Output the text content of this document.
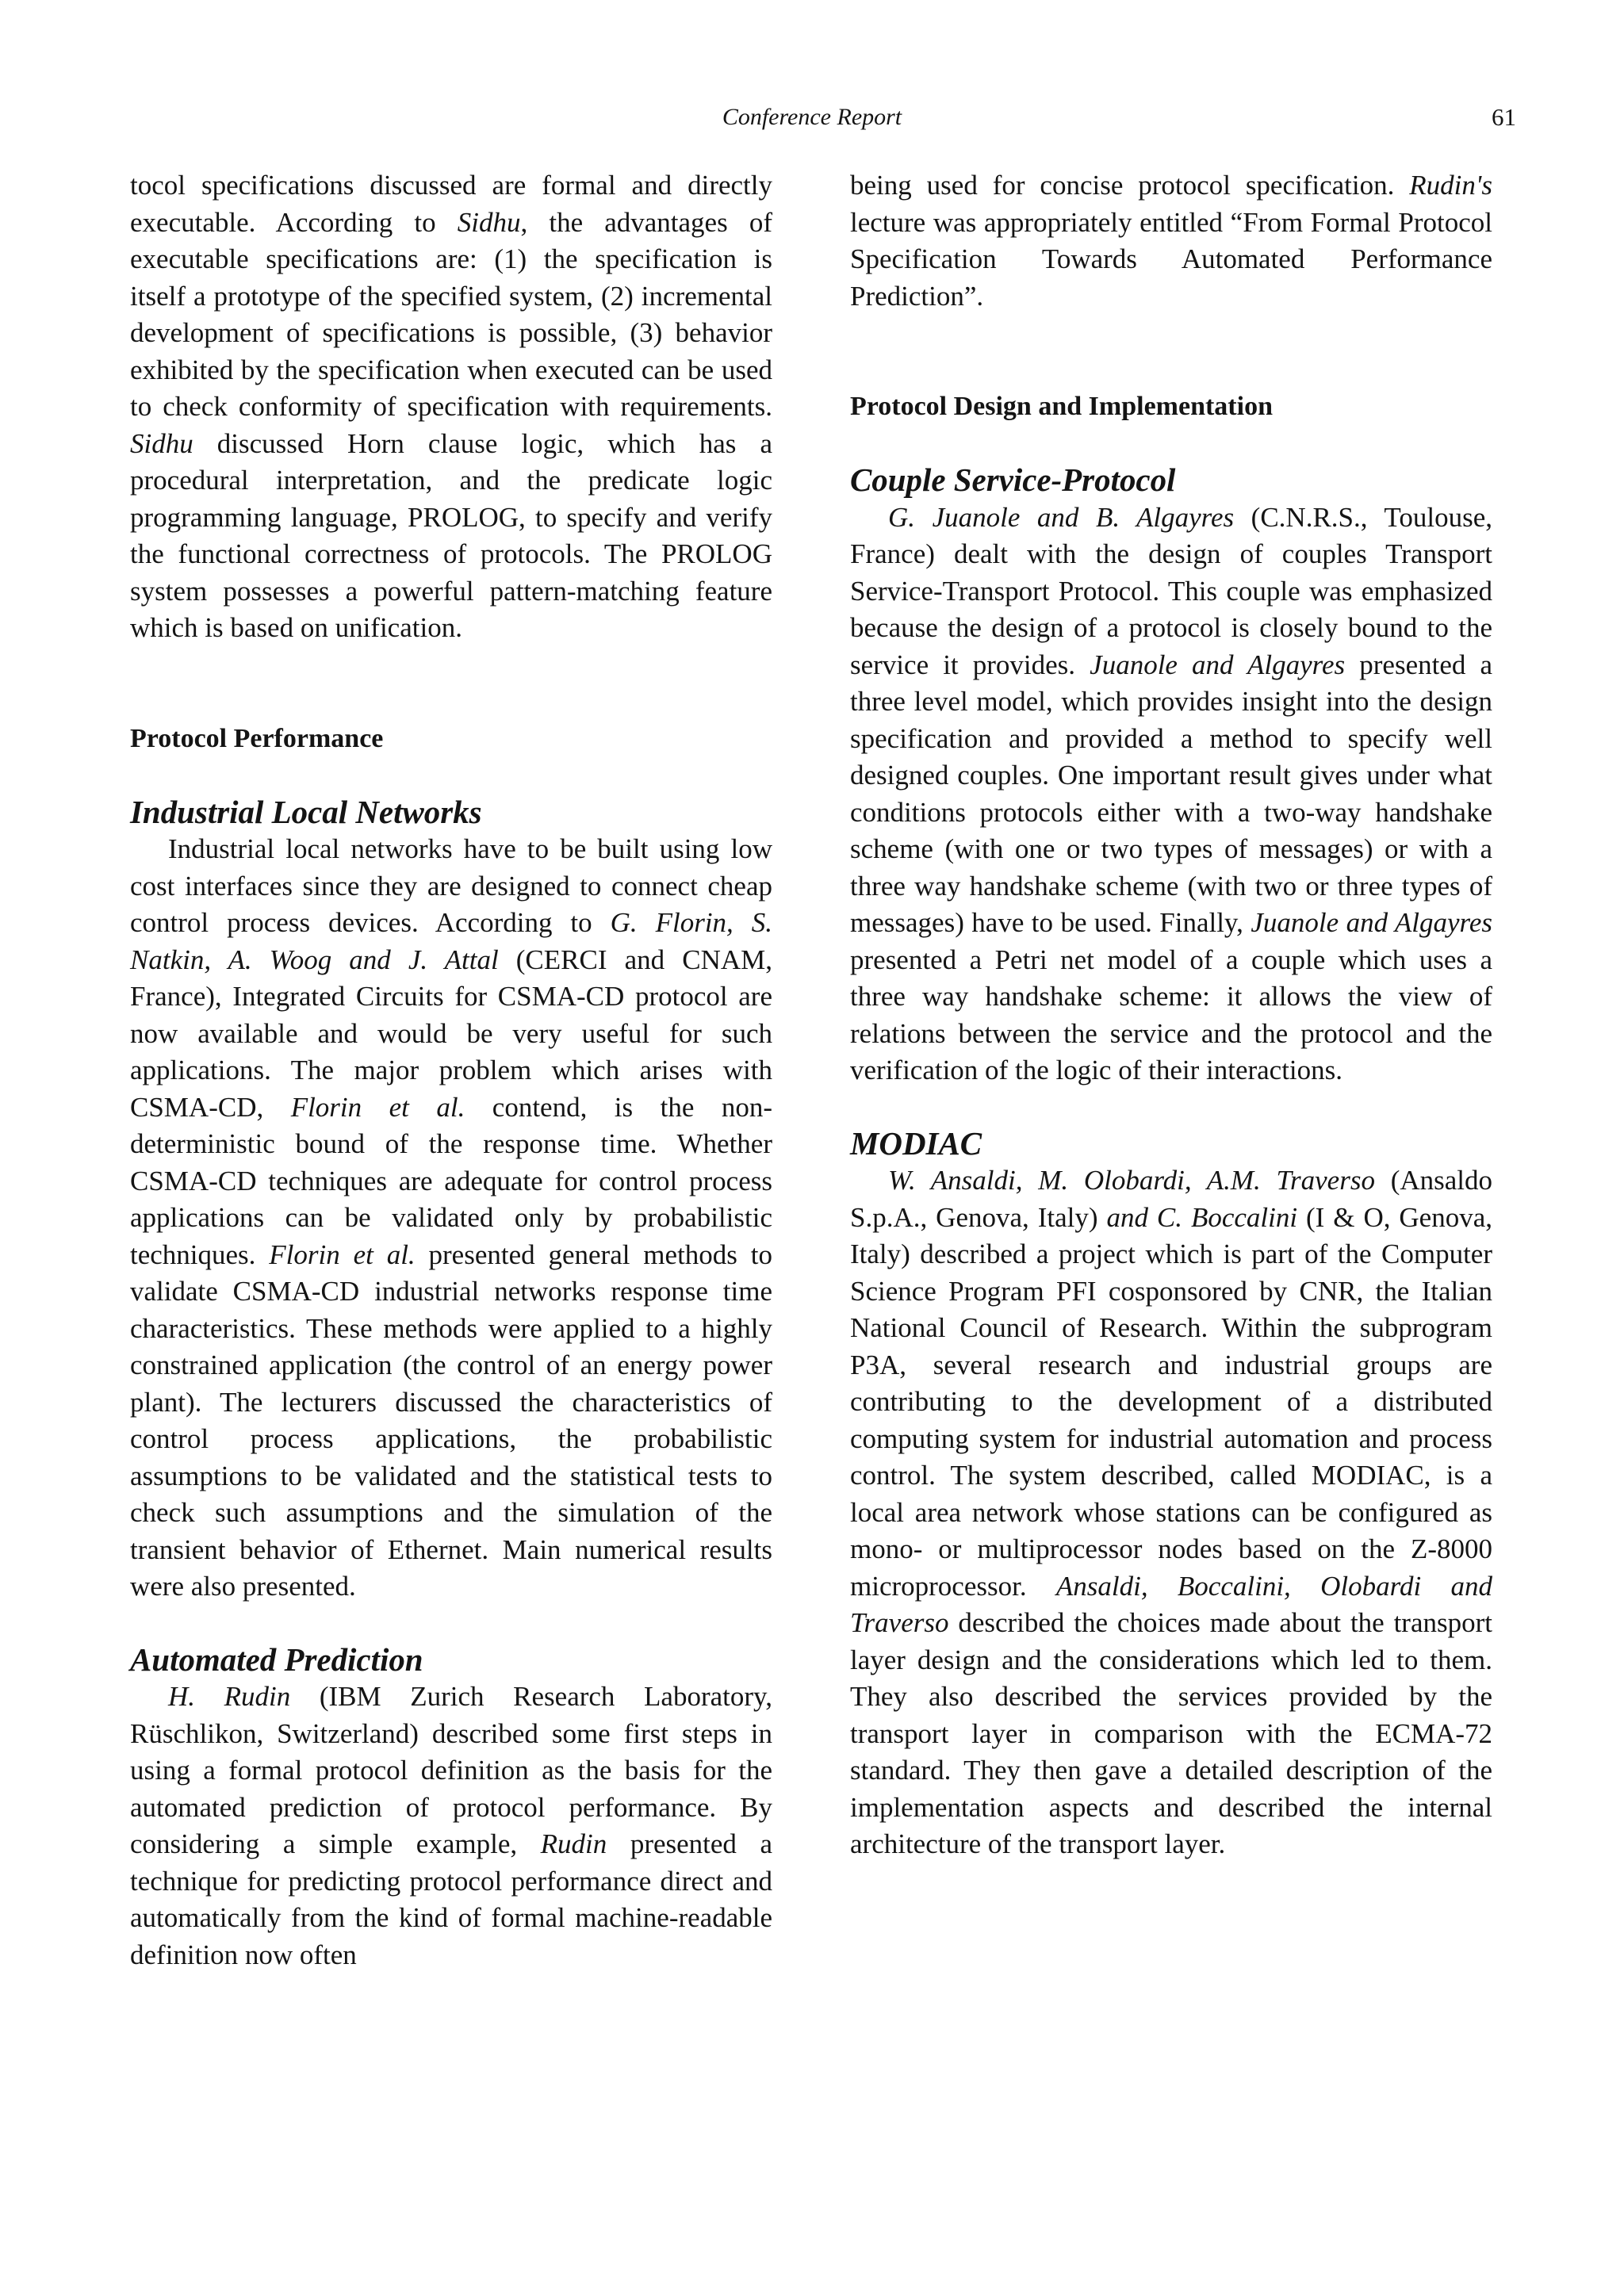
Conference Report	61

tocol specifications discussed are formal and directly executable. According to Sidhu, the advantages of executable specifications are: (1) the specification is itself a prototype of the specified system, (2) incremental development of specifications is possible, (3) behavior exhibited by the specification when executed can be used to check conformity of specification with requirements. Sidhu discussed Horn clause logic, which has a procedural interpretation, and the predicate logic programming language, PROLOG, to specify and verify the functional correctness of protocols. The PROLOG system possesses a powerful pattern-matching feature which is based on unification.

Protocol Performance
Industrial Local Networks

Industrial local networks have to be built using low cost interfaces since they are designed to connect cheap control process devices. According to G. Florin, S. Natkin, A. Woog and J. Attal (CERCI and CNAM, France), Integrated Circuits for CSMA-CD protocol are now available and would be very useful for such applications. The major problem which arises with CSMA-CD, Florin et al. contend, is the non-deterministic bound of the response time. Whether CSMA-CD techniques are adequate for control process applications can be validated only by probabilistic techniques. Florin et al. presented general methods to validate CSMA-CD industrial networks response time characteristics. These methods were applied to a highly constrained application (the control of an energy power plant). The lecturers discussed the characteristics of control process applications, the probabilistic assumptions to be validated and the statistical tests to check such assumptions and the simulation of the transient behavior of Ethernet. Main numerical results were also presented.

Automated Prediction

H. Rudin (IBM Zurich Research Laboratory, Rüschlikon, Switzerland) described some first steps in using a formal protocol definition as the basis for the automated prediction of protocol performance. By considering a simple example, Rudin presented a technique for predicting protocol performance direct and automatically from the kind of formal machine-readable definition now often

being used for concise protocol specification. Rudin's lecture was appropriately entitled “From Formal Protocol Specification Towards Automated Performance Prediction”.

Protocol Design and Implementation
Couple Service-Protocol

G. Juanole and B. Algayres (C.N.R.S., Toulouse, France) dealt with the design of couples Transport Service-Transport Protocol. This couple was emphasized because the design of a protocol is closely bound to the service it provides. Juanole and Algayres presented a three level model, which provides insight into the design specification and provided a method to specify well designed couples. One important result gives under what conditions protocols either with a two-way handshake scheme (with one or two types of messages) or with a three way handshake scheme (with two or three types of messages) have to be used. Finally, Juanole and Algayres presented a Petri net model of a couple which uses a three way handshake scheme: it allows the view of relations between the service and the protocol and the verification of the logic of their interactions.

MODIAC

W. Ansaldi, M. Olobardi, A.M. Traverso (Ansaldo S.p.A., Genova, Italy) and C. Boccalini (I & O, Genova, Italy) described a project which is part of the Computer Science Program PFI cosponsored by CNR, the Italian National Council of Research. Within the subprogram P3A, several research and industrial groups are contributing to the development of a distributed computing system for industrial automation and process control. The system described, called MODIAC, is a local area network whose stations can be configured as mono- or multiprocessor nodes based on the Z-8000 microprocessor. Ansaldi, Boccalini, Olobardi and Traverso described the choices made about the transport layer design and the considerations which led to them. They also described the services provided by the transport layer in comparison with the ECMA-72 standard. They then gave a detailed description of the implementation aspects and described the internal architecture of the transport layer.
